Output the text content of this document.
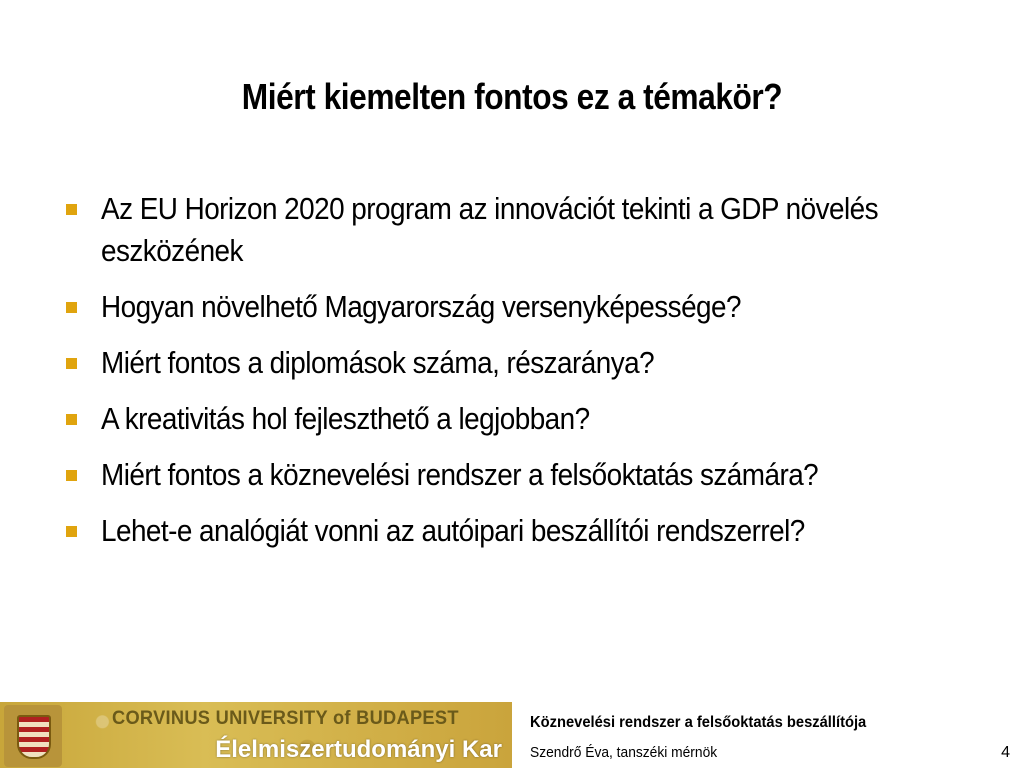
Miért kiemelten fontos ez a témakör?
Az EU Horizon 2020 program az innovációt tekinti a GDP növelés eszközének
Hogyan növelhető Magyarország versenyképessége?
Miért fontos a diplomások száma, részaránya?
A kreativitás hol fejleszthető a legjobban?
Miért fontos a köznevelési rendszer a felsőoktatás számára?
Lehet-e analógiát vonni az autóipari beszállítói rendszerrel?
CORVINUS UNIVERSITY of BUDAPEST
Élelmiszertudományi Kar
Köznevelési rendszer a felsőoktatás beszállítója
Szendrő Éva, tanszéki mérnök	4
